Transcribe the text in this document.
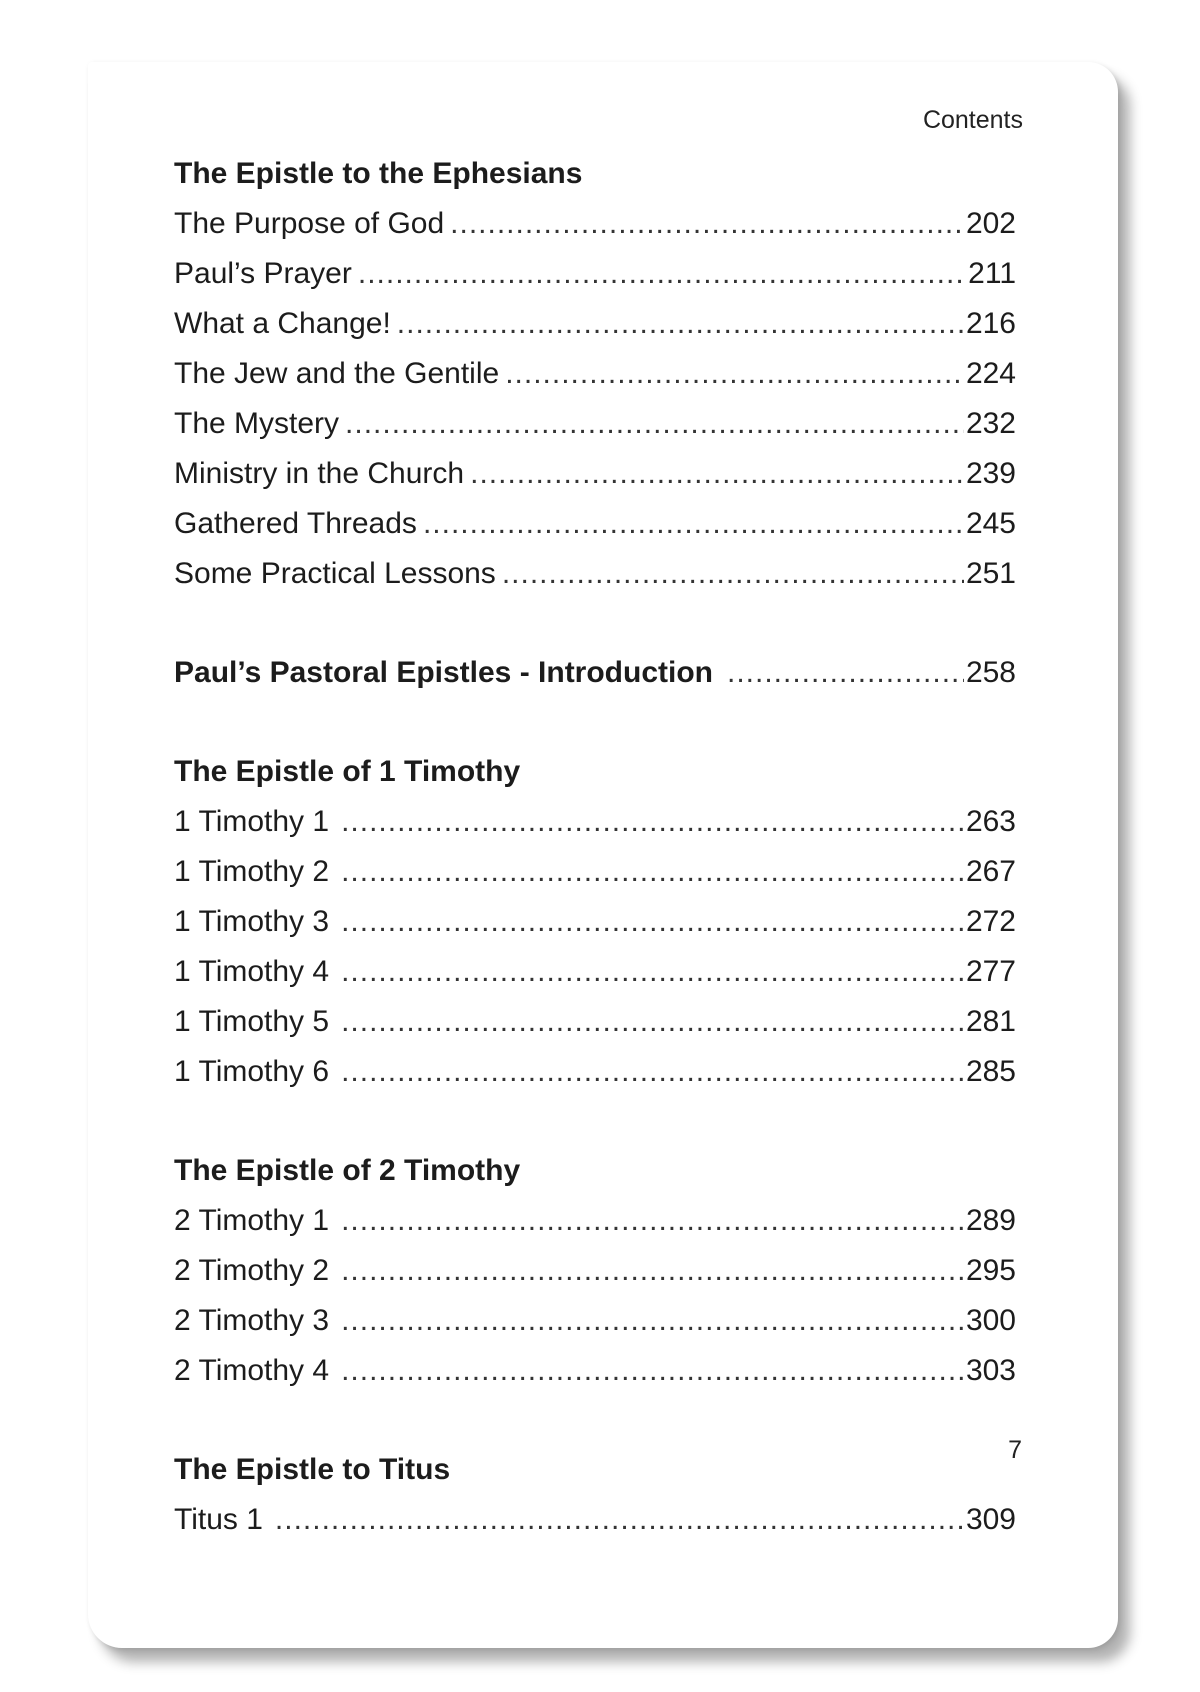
Contents
The Epistle to the Ephesians
The Purpose of God .....	202
Paul’s Prayer .....	211
What a Change! .....	216
The Jew and the Gentile .....	224
The Mystery .....	232
Ministry in the Church .....	239
Gathered Threads .....	245
Some Practical Lessons .....	251
Paul’s Pastoral Epistles - Introduction .....	258
The Epistle of 1 Timothy
1 Timothy 1 .....	263
1 Timothy 2 .....	267
1 Timothy 3 .....	272
1 Timothy 4 .....	277
1 Timothy 5 .....	281
1 Timothy 6 .....	285
The Epistle of 2 Timothy
2 Timothy 1 .....	289
2 Timothy 2 .....	295
2 Timothy 3 .....	300
2 Timothy 4 .....	303
The Epistle to Titus
Titus 1 .....	309
7
